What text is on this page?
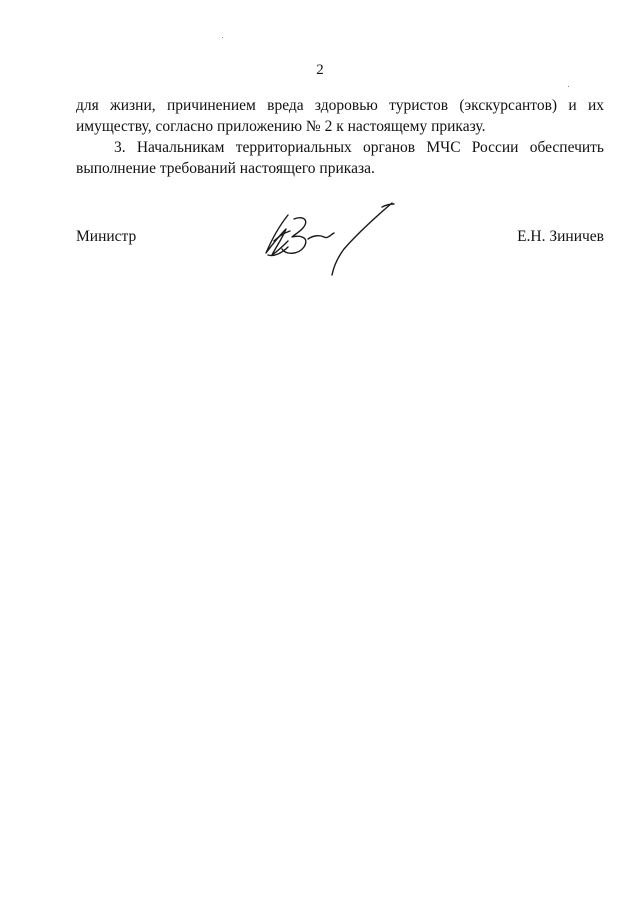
2

для жизни, причинением вреда здоровью туристов (экскурсантов) и их
имуществу, согласно приложению № 2 к настоящему приказу.

3. Начальникам территориальных органов МЧС России обеспечить
выполнение требований настоящего приказа.

Министр	Е.Н. Зиничев
